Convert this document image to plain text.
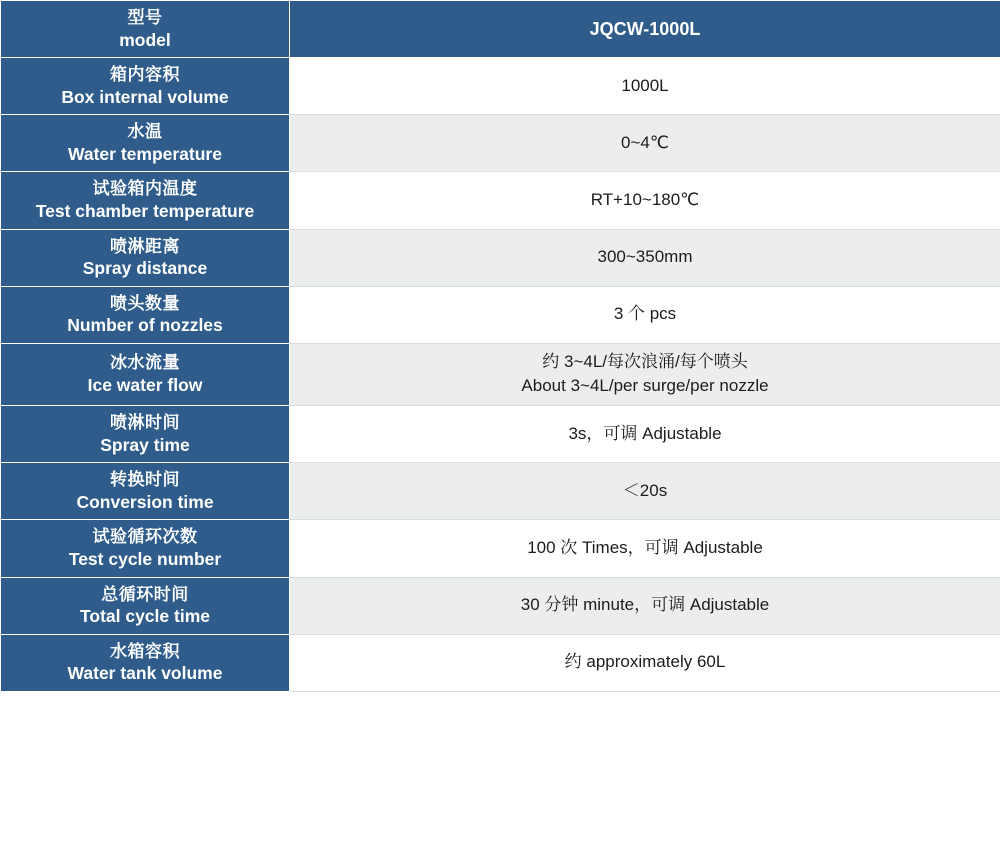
型号
model	JQCW-1000L

箱内容积
Box internal volume	1000L

水温
Water temperature	0~4℃

试验箱内温度
Test chamber temperature	RT+10~180℃

喷淋距离
Spray distance	300~350mm

喷头数量
Number of nozzles	3 个 pcs

冰水流量
Ice water flow	约 3~4L/每次浪涌/每个喷头
About 3~4L/per surge/per nozzle

喷淋时间
Spray time	3s，可调 Adjustable

转换时间
Conversion time	＜20s

试验循环次数
Test cycle number	100 次 Times，可调 Adjustable

总循环时间
Total cycle time	30 分钟 minute，可调 Adjustable

水箱容积
Water tank volume	约 approximately 60L
